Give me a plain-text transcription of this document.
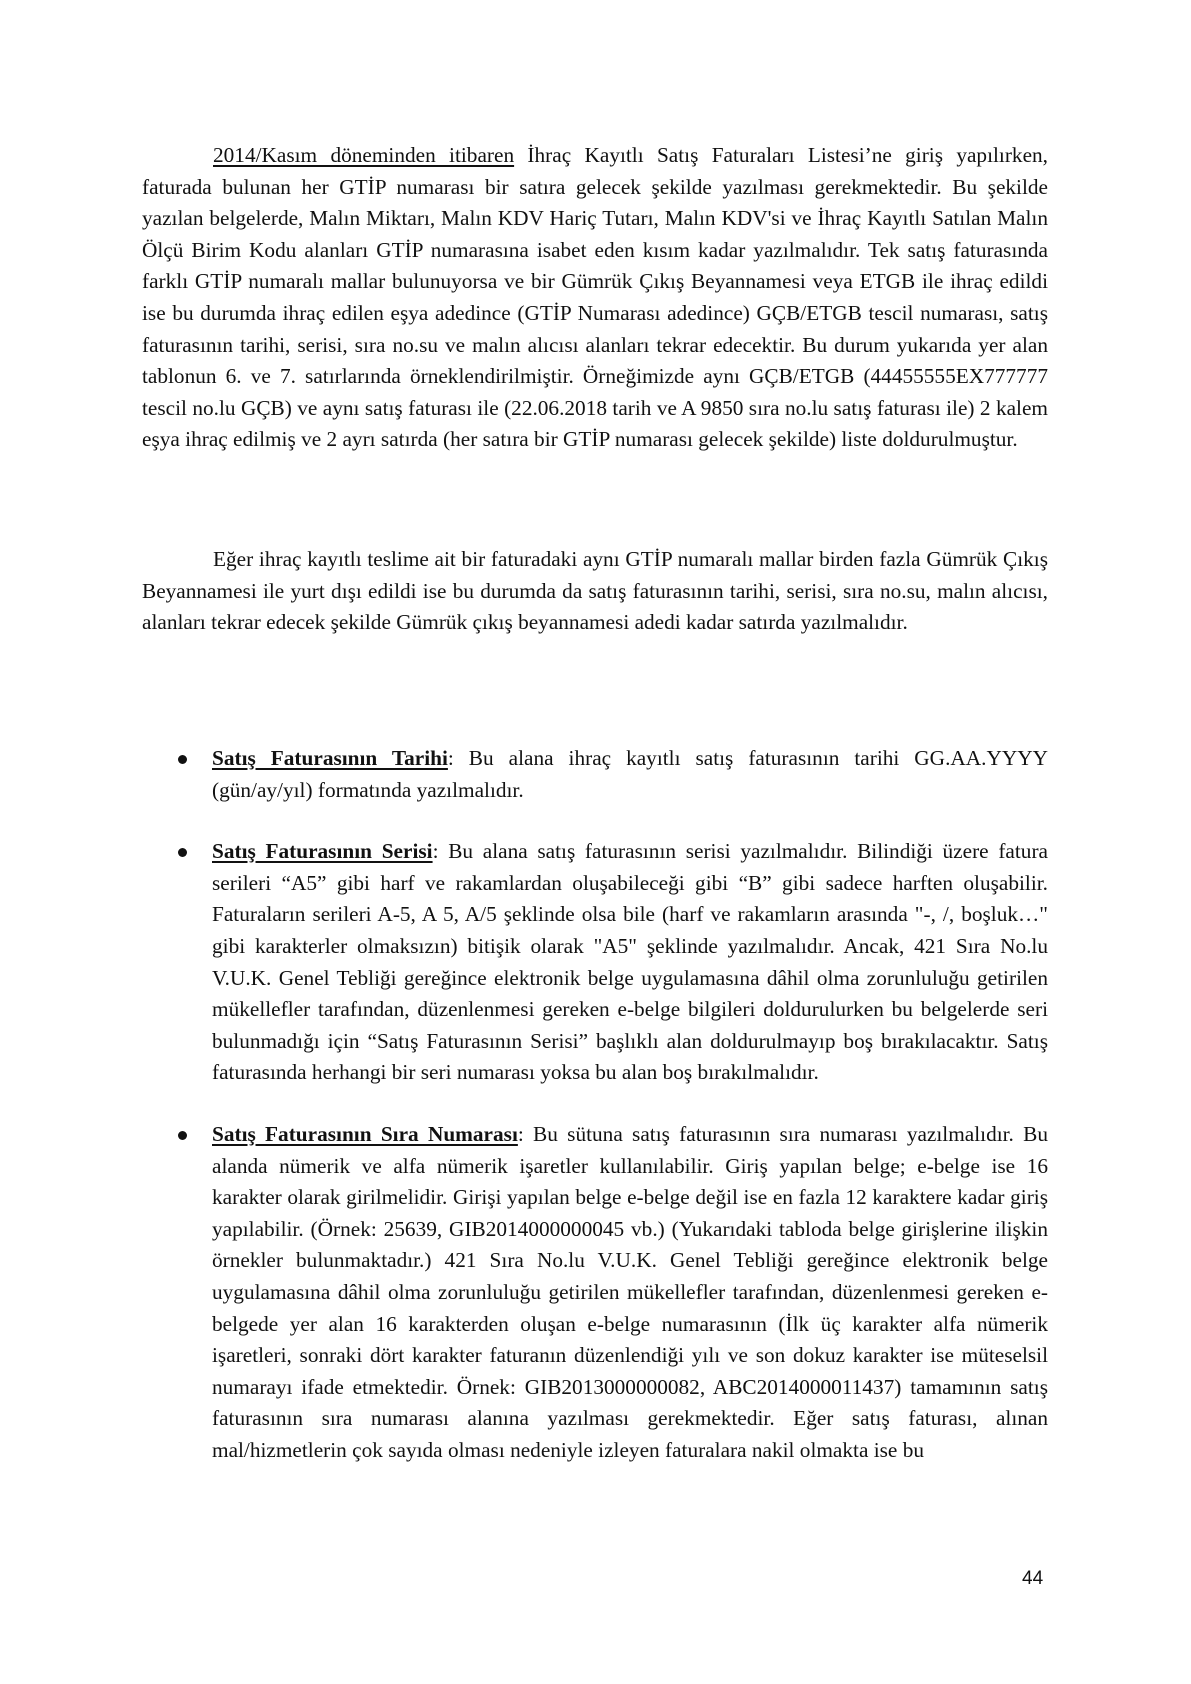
2014/Kasım döneminden itibaren İhraç Kayıtlı Satış Faturaları Listesi’ne giriş yapılırken, faturada bulunan her GTİP numarası bir satıra gelecek şekilde yazılması gerekmektedir. Bu şekilde yazılan belgelerde, Malın Miktarı, Malın KDV Hariç Tutarı, Malın KDV'si ve İhraç Kayıtlı Satılan Malın Ölçü Birim Kodu alanları GTİP numarasına isabet eden kısım kadar yazılmalıdır. Tek satış faturasında farklı GTİP numaralı mallar bulunuyorsa ve bir Gümrük Çıkış Beyannamesi veya ETGB ile ihraç edildi ise bu durumda ihraç edilen eşya adedince (GTİP Numarası adedince) GÇB/ETGB tescil numarası, satış faturasının tarihi, serisi, sıra no.su ve malın alıcısı alanları tekrar edecektir. Bu durum yukarıda yer alan tablonun 6. ve 7. satırlarında örneklendirilmiştir. Örneğimizde aynı GÇB/ETGB (44455555EX777777 tescil no.lu GÇB) ve aynı satış faturası ile (22.06.2018 tarih ve A 9850 sıra no.lu satış faturası ile) 2 kalem eşya ihraç edilmiş ve 2 ayrı satırda (her satıra bir GTİP numarası gelecek şekilde) liste doldurulmuştur.
Eğer ihraç kayıtlı teslime ait bir faturadaki aynı GTİP numaralı mallar birden fazla Gümrük Çıkış Beyannamesi ile yurt dışı edildi ise bu durumda da satış faturasının tarihi, serisi, sıra no.su, malın alıcısı, alanları tekrar edecek şekilde Gümrük çıkış beyannamesi adedi kadar satırda yazılmalıdır.
Satış Faturasının Tarihi: Bu alana ihraç kayıtlı satış faturasının tarihi GG.AA.YYYY (gün/ay/yıl) formatında yazılmalıdır.
Satış Faturasının Serisi: Bu alana satış faturasının serisi yazılmalıdır. Bilindiği üzere fatura serileri “A5” gibi harf ve rakamlardan oluşabileceği gibi “B” gibi sadece harften oluşabilir. Faturaların serileri A-5, A 5, A/5 şeklinde olsa bile (harf ve rakamların arasında "-, /, boşluk…" gibi karakterler olmaksızın) bitişik olarak "A5" şeklinde yazılmalıdır. Ancak, 421 Sıra No.lu V.U.K. Genel Tebliği gereğince elektronik belge uygulamasına dâhil olma zorunluluğu getirilen mükellefler tarafından, düzenlenmesi gereken e-belge bilgileri doldurulurken bu belgelerde seri bulunmadığı için “Satış Faturasının Serisi” başlıklı alan doldurulmayıp boş bırakılacaktır. Satış faturasında herhangi bir seri numarası yoksa bu alan boş bırakılmalıdır.
Satış Faturasının Sıra Numarası: Bu sütuna satış faturasının sıra numarası yazılmalıdır. Bu alanda nümerik ve alfa nümerik işaretler kullanılabilir. Giriş yapılan belge; e-belge ise 16 karakter olarak girilmelidir. Girişi yapılan belge e-belge değil ise en fazla 12 karaktere kadar giriş yapılabilir. (Örnek: 25639, GIB2014000000045 vb.) (Yukarıdaki tabloda belge girişlerine ilişkin örnekler bulunmaktadır.) 421 Sıra No.lu V.U.K. Genel Tebliği gereğince elektronik belge uygulamasına dâhil olma zorunluluğu getirilen mükellefler tarafından, düzenlenmesi gereken e-belgede yer alan 16 karakterden oluşan e-belge numarasının (İlk üç karakter alfa nümerik işaretleri, sonraki dört karakter faturanın düzenlendiği yılı ve son dokuz karakter ise müteselsil numarayı ifade etmektedir. Örnek: GIB2013000000082, ABC2014000011437) tamamının satış faturasının sıra numarası alanına yazılması gerekmektedir. Eğer satış faturası, alınan mal/hizmetlerin çok sayıda olması nedeniyle izleyen faturalara nakil olmakta ise bu
44
